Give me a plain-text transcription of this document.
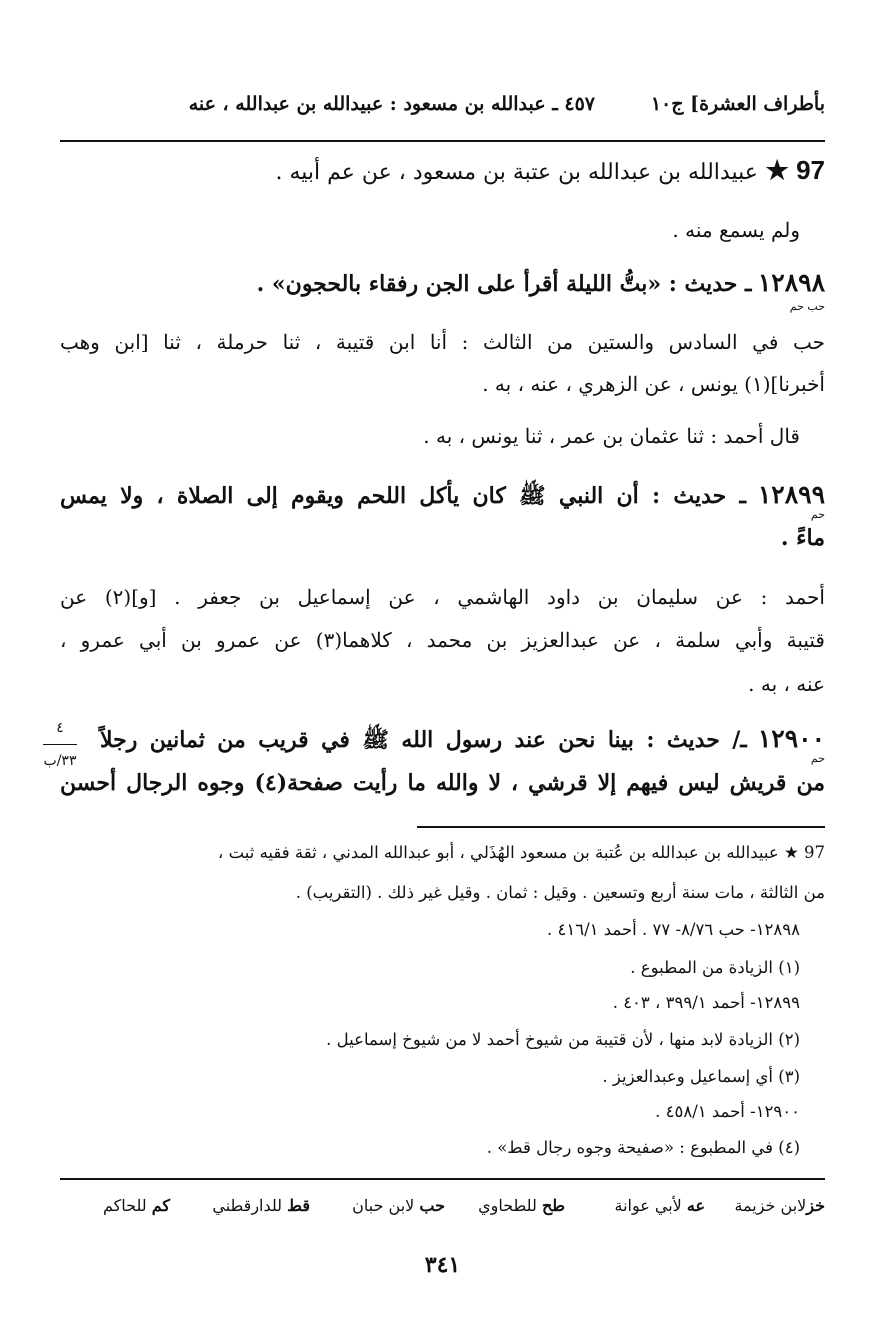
بأطراف العشرة] ج١٠
٤٥٧ ـ عبدالله بن مسعود : عبيدالله بن عبدالله ، عنه
97 ★ عبيدالله بن عبدالله بن عتبة بن مسعود ، عن عم أبيه .
ولم يسمع منه .
١٢٨٩٨ ـ حديث : «بتُّ الليلة أقرأ على الجن رفقاء بالحجون» .
حب حم
حب في السادس والستين من الثالث : أنا ابن قتيبة ، ثنا حرملة ، ثنا [ابن وهب
أخبرنا](١) يونس ، عن الزهري ، عنه ، به .
قال أحمد : ثنا عثمان بن عمر ، ثنا يونس ، به .
١٢٨٩٩ ـ حديث : أن النبي ﷺ كان يأكل اللحم ويقوم إلى الصلاة ، ولا يمس
حم
ماءً .
أحمد : عن سليمان بن داود الهاشمي ، عن إسماعيل بن جعفر . [و](٢) عن
قتيبة وأبي سلمة ، عن عبدالعزيز بن محمد ، كلاهما(٣) عن عمرو بن أبي عمرو ،
عنه ، به .
١٢٩٠٠ ـ/ حديث : بينا نحن عند رسول الله ﷺ في قريب من ثمانين رجلاً
حم
من قريش ليس فيهم إلا قرشي ، لا والله ما رأيت صفحة(٤) وجوه الرجال أحسن
٤
٣٣/ب
97 ★ عبيدالله بن عبدالله بن عُتبة بن مسعود الهُذَلي ، أبو عبدالله المدني ، ثقة فقيه ثبت ،
من الثالثة ، مات سنة أربع وتسعين . وقيل : ثمان . وقيل غير ذلك . (التقريب) .
١٢٨٩٨- حب ٨/٧٦- ٧٧ . أحمد ٤١٦/١ .
(١) الزيادة من المطبوع .
١٢٨٩٩- أحمد ٣٩٩/١ ، ٤٠٣ .
(٢) الزيادة لابد منها ، لأن قتيبة من شيوخ أحمد لا من شيوخ إسماعيل .
(٣) أي إسماعيل وعبدالعزيز .
١٢٩٠٠- أحمد ٤٥٨/١ .
(٤) في المطبوع : «صفيحة وجوه رجال قط» .
خزلابن خزيمة
عه لأبي عوانة
طح للطحاوي
حب لابن حبان
قط للدارقطني
كم للحاكم
٣٤١
